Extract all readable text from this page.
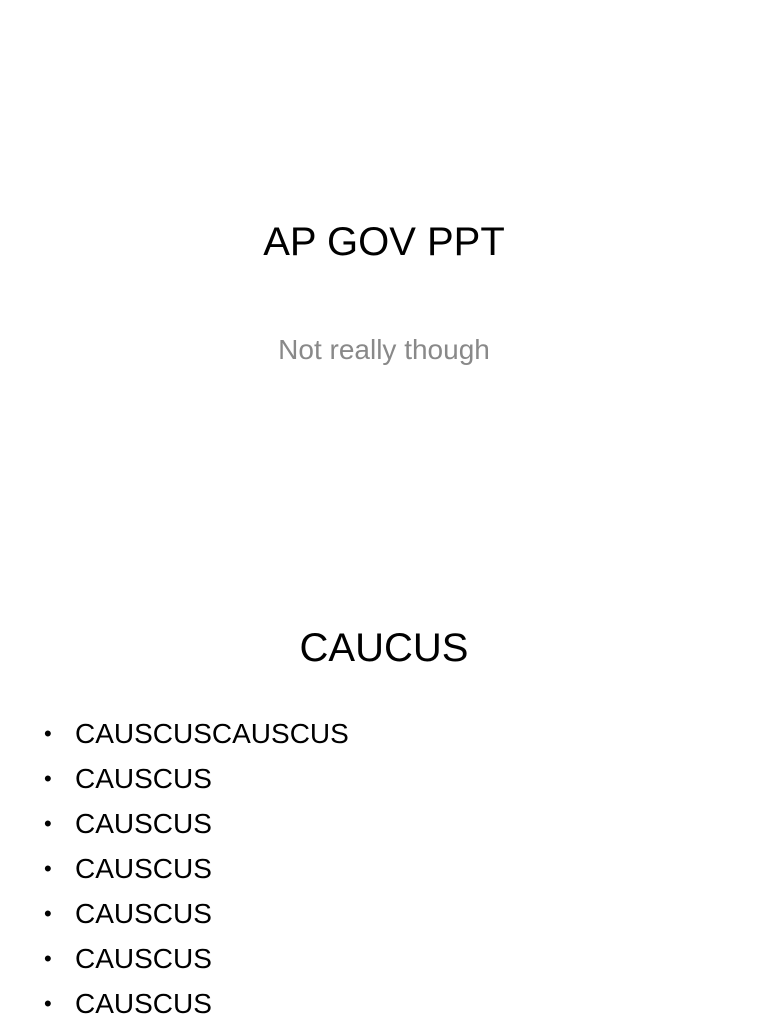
AP GOV PPT

Not really though

CAUCUS
• CAUSCUSCAUSCUS
• CAUSCUS
• CAUSCUS
• CAUSCUS
• CAUSCUS
• CAUSCUS
• CAUSCUS
